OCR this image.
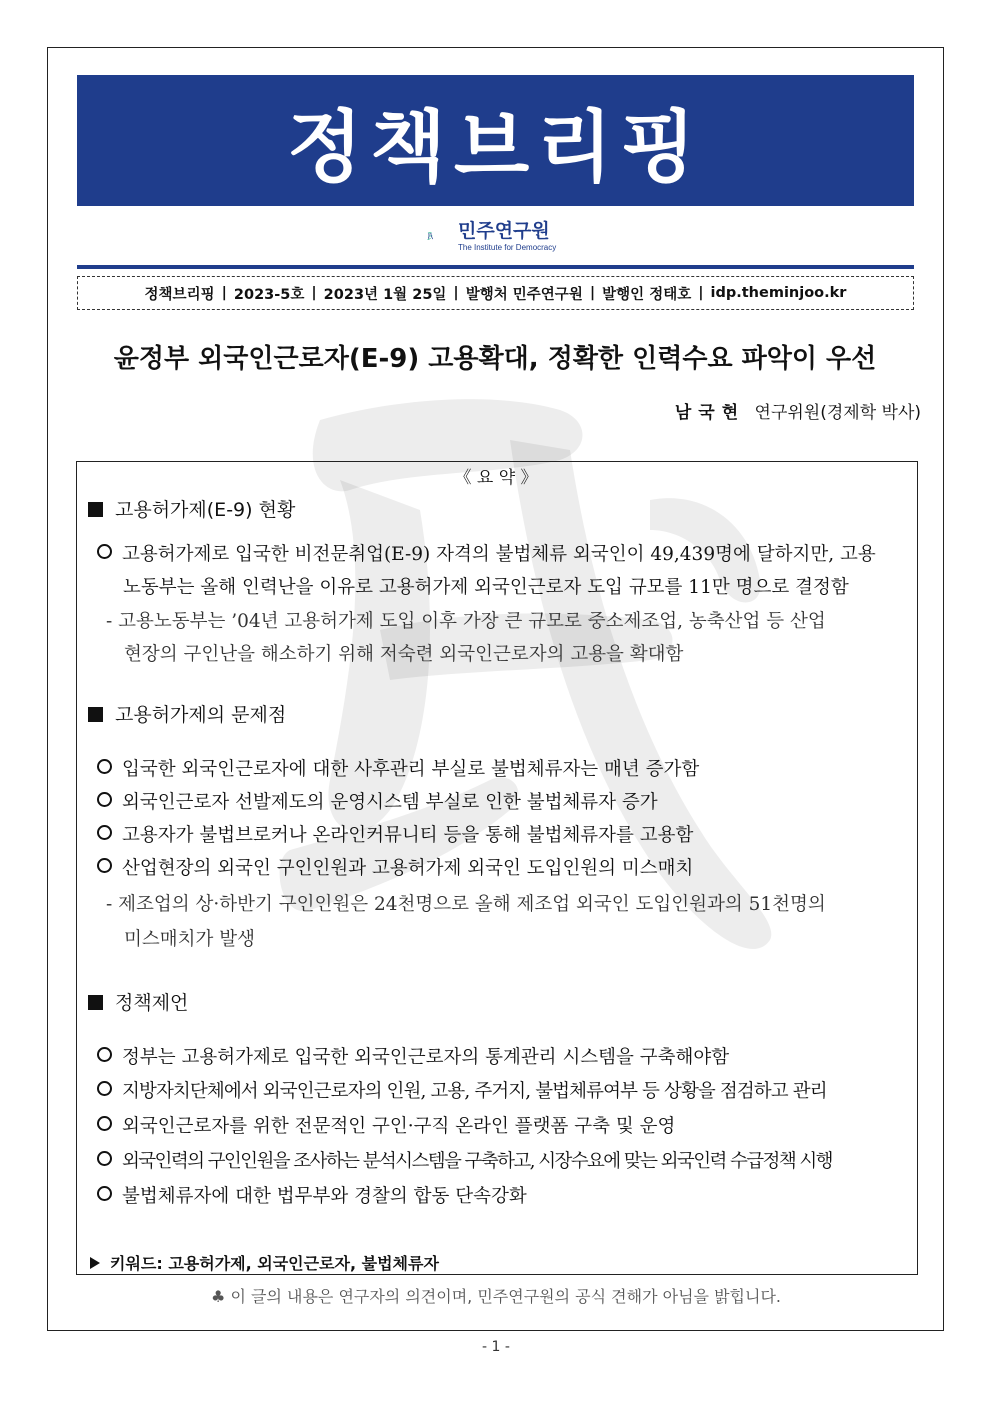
정책브리핑
민주연구원
The Institute for Democracy
정책브리핑 | 2023-5호 | 2023년 1월 25일 | 발행처 민주연구원 | 발행인 정태호 | idp.theminjoo.kr
윤정부 외국인근로자(E-9) 고용확대, 정확한 인력수요 파악이 우선
남국현 연구위원(경제학 박사)
《 요 약 》
고용허가제(E-9) 현황
고용허가제로 입국한 비전문취업(E-9) 자격의 불법체류 외국인이 49,439명에 달하지만, 고용
노동부는 올해 인력난을 이유로 고용허가제 외국인근로자 도입 규모를 11만 명으로 결정함
- 고용노동부는 ’04년 고용허가제 도입 이후 가장 큰 규모로 중소제조업, 농축산업 등 산업
현장의 구인난을 해소하기 위해 저숙련 외국인근로자의 고용을 확대함
고용허가제의 문제점
입국한 외국인근로자에 대한 사후관리 부실로 불법체류자는 매년 증가함
외국인근로자 선발제도의 운영시스템 부실로 인한 불법체류자 증가
고용자가 불법브로커나 온라인커뮤니티 등을 통해 불법체류자를 고용함
산업현장의 외국인 구인인원과 고용허가제 외국인 도입인원의 미스매치
- 제조업의 상·하반기 구인인원은 24천명으로 올해 제조업 외국인 도입인원과의 51천명의
미스매치가 발생
정책제언
정부는 고용허가제로 입국한 외국인근로자의 통계관리 시스템을 구축해야함
지방자치단체에서 외국인근로자의 인원, 고용, 주거지, 불법체류여부 등 상황을 점검하고 관리
외국인근로자를 위한 전문적인 구인·구직 온라인 플랫폼 구축 및 운영
외국인력의 구인인원을 조사하는 분석시스템을 구축하고, 시장수요에 맞는 외국인력 수급정책 시행
불법체류자에 대한 법무부와 경찰의 합동 단속강화
키워드: 고용허가제, 외국인근로자, 불법체류자
♣ 이 글의 내용은 연구자의 의견이며, 민주연구원의 공식 견해가 아님을 밝힙니다.
- 1 -
